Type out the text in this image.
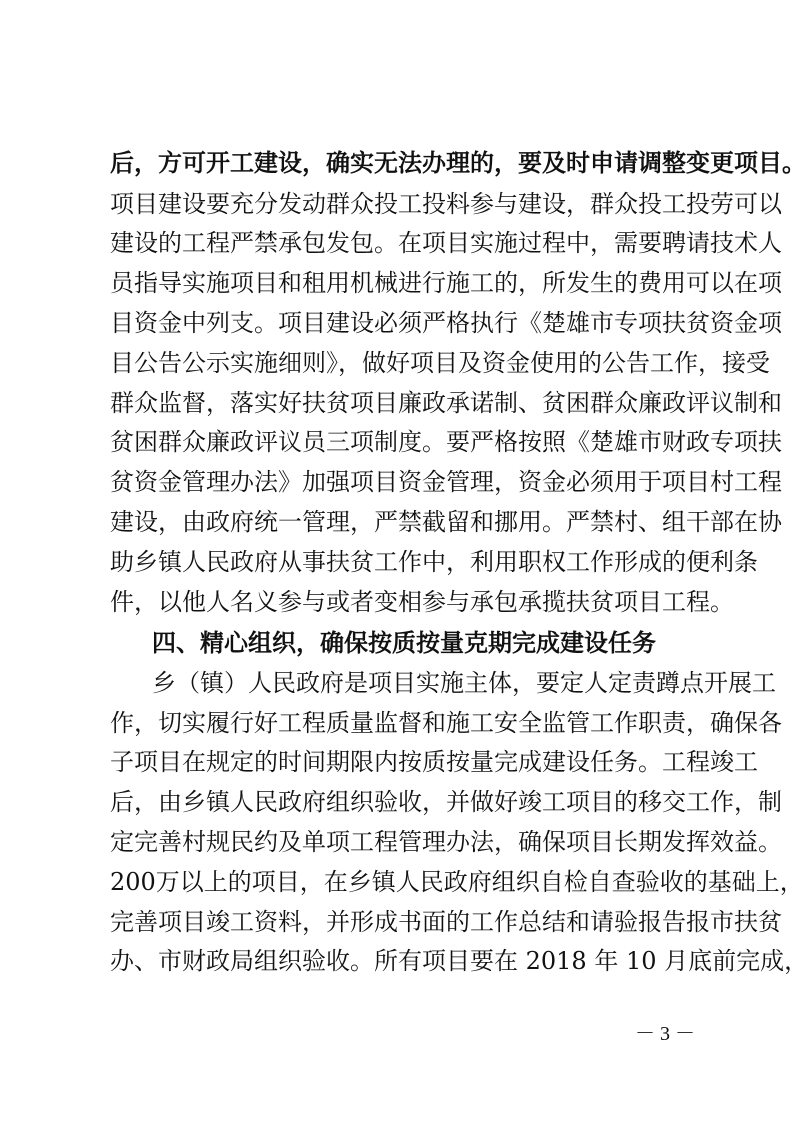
后，方可开工建设，确实无法办理的，要及时申请调整变更项目。
项目建设要充分发动群众投工投料参与建设，群众投工投劳可以
建设的工程严禁承包发包。在项目实施过程中，需要聘请技术人
员指导实施项目和租用机械进行施工的，所发生的费用可以在项
目资金中列支。项目建设必须严格执行《楚雄市专项扶贫资金项
目公告公示实施细则》，做好项目及资金使用的公告工作，接受
群众监督，落实好扶贫项目廉政承诺制、贫困群众廉政评议制和
贫困群众廉政评议员三项制度。要严格按照《楚雄市财政专项扶
贫资金管理办法》加强项目资金管理，资金必须用于项目村工程
建设，由政府统一管理，严禁截留和挪用。严禁村、组干部在协
助乡镇人民政府从事扶贫工作中，利用职权工作形成的便利条
件，以他人名义参与或者变相参与承包承揽扶贫项目工程。
四、精心组织，确保按质按量克期完成建设任务
乡（镇）人民政府是项目实施主体，要定人定责蹲点开展工
作，切实履行好工程质量监督和施工安全监管工作职责，确保各
子项目在规定的时间期限内按质按量完成建设任务。工程竣工
后，由乡镇人民政府组织验收，并做好竣工项目的移交工作，制
定完善村规民约及单项工程管理办法，确保项目长期发挥效益。
200万以上的项目，在乡镇人民政府组织自检自查验收的基础上，
完善项目竣工资料，并形成书面的工作总结和请验报告报市扶贫
办、市财政局组织验收。所有项目要在 2018 年 10 月底前完成，
－ 3 －
